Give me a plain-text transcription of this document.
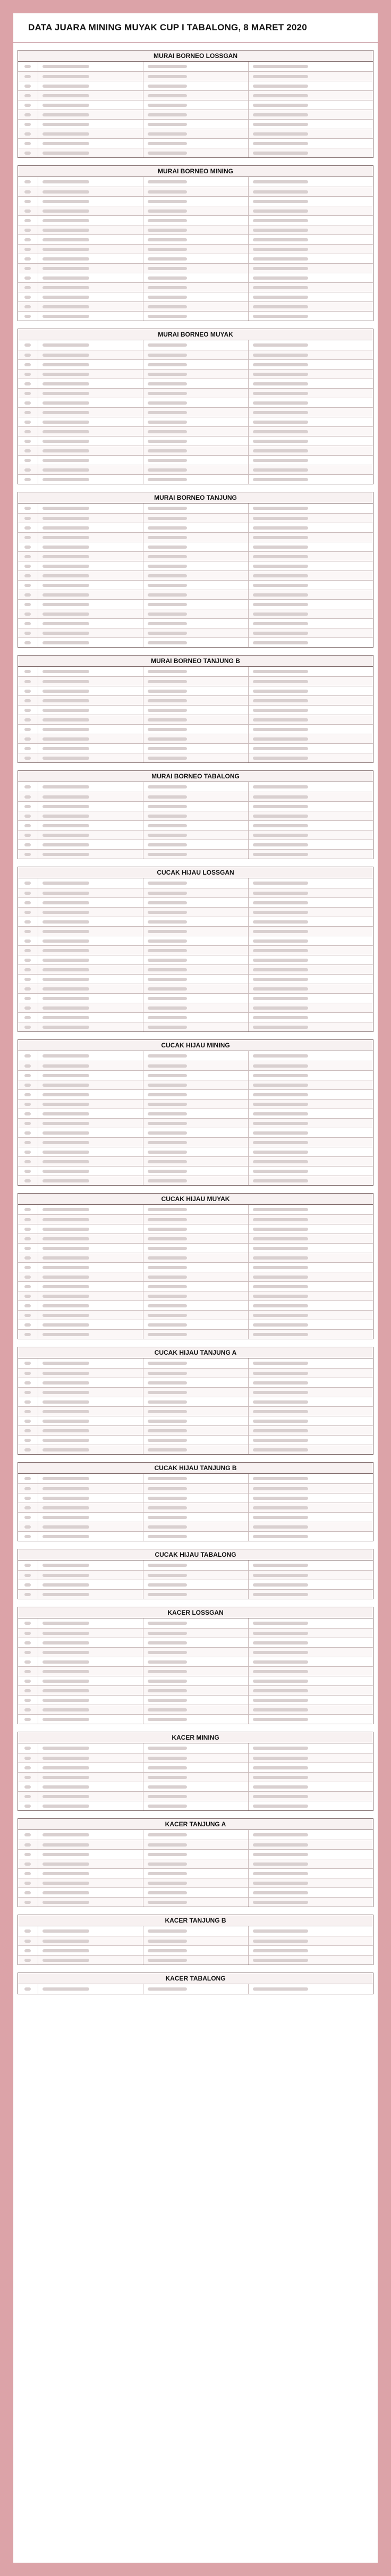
DATA JUARA MINING MUYAK CUP I TABALONG, 8 MARET 2020
MURAI BORNEO LOSSGAN
MURAI BORNEO MINING
MURAI BORNEO MUYAK
MURAI BORNEO TANJUNG
MURAI BORNEO TANJUNG B
MURAI BORNEO TABALONG
CUCAK HIJAU LOSSGAN
CUCAK HIJAU MINING
CUCAK HIJAU MUYAK
CUCAK HIJAU TANJUNG A
CUCAK HIJAU TANJUNG B
CUCAK HIJAU TABALONG
KACER LOSSGAN
KACER MINING
KACER TANJUNG A
KACER TANJUNG B
KACER TABALONG
